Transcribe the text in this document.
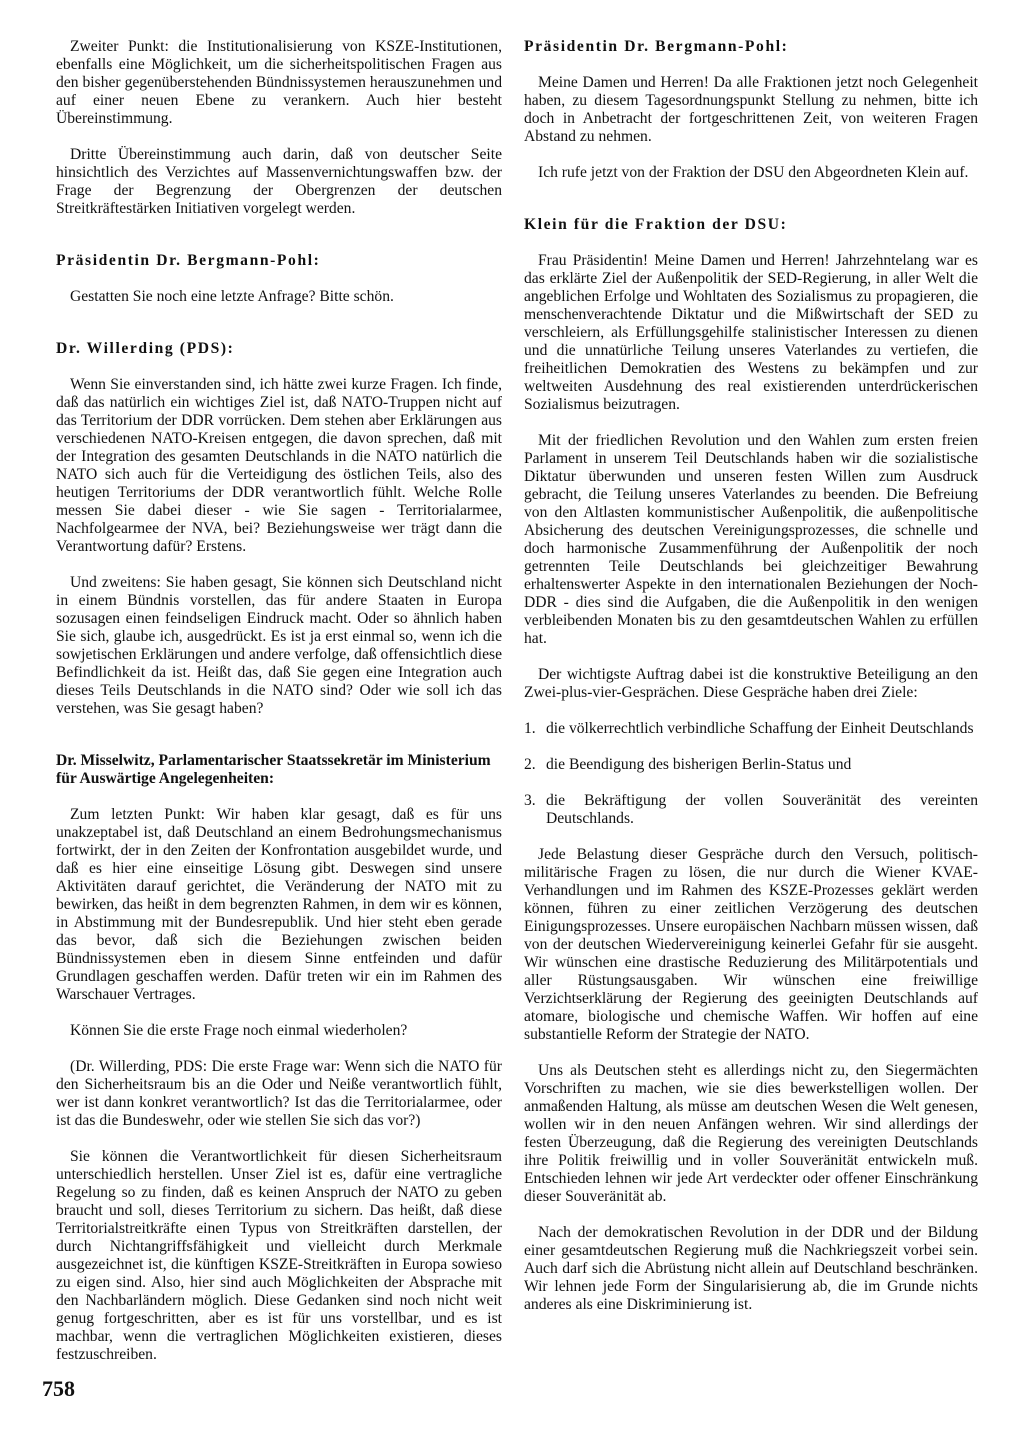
Zweiter Punkt: die Institutionalisierung von KSZE-Institutionen, ebenfalls eine Möglichkeit, um die sicherheitspolitischen Fragen aus den bisher gegenüberstehenden Bündnissystemen herauszunehmen und auf einer neuen Ebene zu verankern. Auch hier besteht Übereinstimmung.

Dritte Übereinstimmung auch darin, daß von deutscher Seite hinsichtlich des Verzichtes auf Massenvernichtungswaffen bzw. der Frage der Begrenzung der Obergrenzen der deutschen Streitkräftestärken Initiativen vorgelegt werden.

Präsidentin Dr. Bergmann-Pohl:

Gestatten Sie noch eine letzte Anfrage? Bitte schön.

Dr. Willerding (PDS):

Wenn Sie einverstanden sind, ich hätte zwei kurze Fragen. Ich finde, daß das natürlich ein wichtiges Ziel ist, daß NATO-Truppen nicht auf das Territorium der DDR vorrücken. Dem stehen aber Erklärungen aus verschiedenen NATO-Kreisen entgegen, die davon sprechen, daß mit der Integration des gesamten Deutschlands in die NATO natürlich die NATO sich auch für die Verteidigung des östlichen Teils, also des heutigen Territoriums der DDR verantwortlich fühlt. Welche Rolle messen Sie dabei dieser - wie Sie sagen - Territorialarmee, Nachfolgearmee der NVA, bei? Beziehungsweise wer trägt dann die Verantwortung dafür? Erstens.

Und zweitens: Sie haben gesagt, Sie können sich Deutschland nicht in einem Bündnis vorstellen, das für andere Staaten in Europa sozusagen einen feindseligen Eindruck macht. Oder so ähnlich haben Sie sich, glaube ich, ausgedrückt. Es ist ja erst einmal so, wenn ich die sowjetischen Erklärungen und andere verfolge, daß offensichtlich diese Befindlichkeit da ist. Heißt das, daß Sie gegen eine Integration auch dieses Teils Deutschlands in die NATO sind? Oder wie soll ich das verstehen, was Sie gesagt haben?

Dr. Misselwitz, Parlamentarischer Staatssekretär im Ministerium für Auswärtige Angelegenheiten:

Zum letzten Punkt: Wir haben klar gesagt, daß es für uns unakzeptabel ist, daß Deutschland an einem Bedrohungsmechanismus fortwirkt, der in den Zeiten der Konfrontation ausgebildet wurde, und daß es hier eine einseitige Lösung gibt. Deswegen sind unsere Aktivitäten darauf gerichtet, die Veränderung der NATO mit zu bewirken, das heißt in dem begrenzten Rahmen, in dem wir es können, in Abstimmung mit der Bundesrepublik. Und hier steht eben gerade das bevor, daß sich die Beziehungen zwischen beiden Bündnissystemen eben in diesem Sinne entfeinden und dafür Grundlagen geschaffen werden. Dafür treten wir ein im Rahmen des Warschauer Vertrages.

Können Sie die erste Frage noch einmal wiederholen?

(Dr. Willerding, PDS: Die erste Frage war: Wenn sich die NATO für den Sicherheitsraum bis an die Oder und Neiße verantwortlich fühlt, wer ist dann konkret verantwortlich? Ist das die Territorialarmee, oder ist das die Bundeswehr, oder wie stellen Sie sich das vor?)

Sie können die Verantwortlichkeit für diesen Sicherheitsraum unterschiedlich herstellen. Unser Ziel ist es, dafür eine vertragliche Regelung so zu finden, daß es keinen Anspruch der NATO zu geben braucht und soll, dieses Territorium zu sichern. Das heißt, daß diese Territorialstreitkräfte einen Typus von Streitkräften darstellen, der durch Nichtangriffsfähigkeit und vielleicht durch Merkmale ausgezeichnet ist, die künftigen KSZE-Streitkräften in Europa sowieso zu eigen sind. Also, hier sind auch Möglichkeiten der Absprache mit den Nachbarländern möglich. Diese Gedanken sind noch nicht weit genug fortgeschritten, aber es ist für uns vorstellbar, und es ist machbar, wenn die vertraglichen Möglichkeiten existieren, dieses festzuschreiben.

Präsidentin Dr. Bergmann-Pohl:

Meine Damen und Herren! Da alle Fraktionen jetzt noch Gelegenheit haben, zu diesem Tagesordnungspunkt Stellung zu nehmen, bitte ich doch in Anbetracht der fortgeschrittenen Zeit, von weiteren Fragen Abstand zu nehmen.

Ich rufe jetzt von der Fraktion der DSU den Abgeordneten Klein auf.

Klein für die Fraktion der DSU:

Frau Präsidentin! Meine Damen und Herren! Jahrzehntelang war es das erklärte Ziel der Außenpolitik der SED-Regierung, in aller Welt die angeblichen Erfolge und Wohltaten des Sozialismus zu propagieren, die menschenverachtende Diktatur und die Mißwirtschaft der SED zu verschleiern, als Erfüllungsgehilfe stalinistischer Interessen zu dienen und die unnatürliche Teilung unseres Vaterlandes zu vertiefen, die freiheitlichen Demokratien des Westens zu bekämpfen und zur weltweiten Ausdehnung des real existierenden unterdrückerischen Sozialismus beizutragen.

Mit der friedlichen Revolution und den Wahlen zum ersten freien Parlament in unserem Teil Deutschlands haben wir die sozialistische Diktatur überwunden und unseren festen Willen zum Ausdruck gebracht, die Teilung unseres Vaterlandes zu beenden. Die Befreiung von den Altlasten kommunistischer Außenpolitik, die außenpolitische Absicherung des deutschen Vereinigungsprozesses, die schnelle und doch harmonische Zusammenführung der Außenpolitik der noch getrennten Teile Deutschlands bei gleichzeitiger Bewahrung erhaltenswerter Aspekte in den internationalen Beziehungen der Noch-DDR - dies sind die Aufgaben, die die Außenpolitik in den wenigen verbleibenden Monaten bis zu den gesamtdeutschen Wahlen zu erfüllen hat.

Der wichtigste Auftrag dabei ist die konstruktive Beteiligung an den Zwei-plus-vier-Gesprächen. Diese Gespräche haben drei Ziele:

1. die völkerrechtlich verbindliche Schaffung der Einheit Deutschlands
2. die Beendigung des bisherigen Berlin-Status und
3. die Bekräftigung der vollen Souveränität des vereinten Deutschlands.

Jede Belastung dieser Gespräche durch den Versuch, politisch-militärische Fragen zu lösen, die nur durch die Wiener KVAE-Verhandlungen und im Rahmen des KSZE-Prozesses geklärt werden können, führen zu einer zeitlichen Verzögerung des deutschen Einigungsprozesses. Unsere europäischen Nachbarn müssen wissen, daß von der deutschen Wiedervereinigung keinerlei Gefahr für sie ausgeht. Wir wünschen eine drastische Reduzierung des Militärpotentials und aller Rüstungsausgaben. Wir wünschen eine freiwillige Verzichtserklärung der Regierung des geeinigten Deutschlands auf atomare, biologische und chemische Waffen. Wir hoffen auf eine substantielle Reform der Strategie der NATO.

Uns als Deutschen steht es allerdings nicht zu, den Siegermächten Vorschriften zu machen, wie sie dies bewerkstelligen wollen. Der anmaßenden Haltung, als müsse am deutschen Wesen die Welt genesen, wollen wir in den neuen Anfängen wehren. Wir sind allerdings der festen Überzeugung, daß die Regierung des vereinigten Deutschlands ihre Politik freiwillig und in voller Souveränität entwickeln muß. Entschieden lehnen wir jede Art verdeckter oder offener Einschränkung dieser Souveränität ab.

Nach der demokratischen Revolution in der DDR und der Bildung einer gesamtdeutschen Regierung muß die Nachkriegszeit vorbei sein. Auch darf sich die Abrüstung nicht allein auf Deutschland beschränken. Wir lehnen jede Form der Singularisierung ab, die im Grunde nichts anderes als eine Diskriminierung ist.

758
